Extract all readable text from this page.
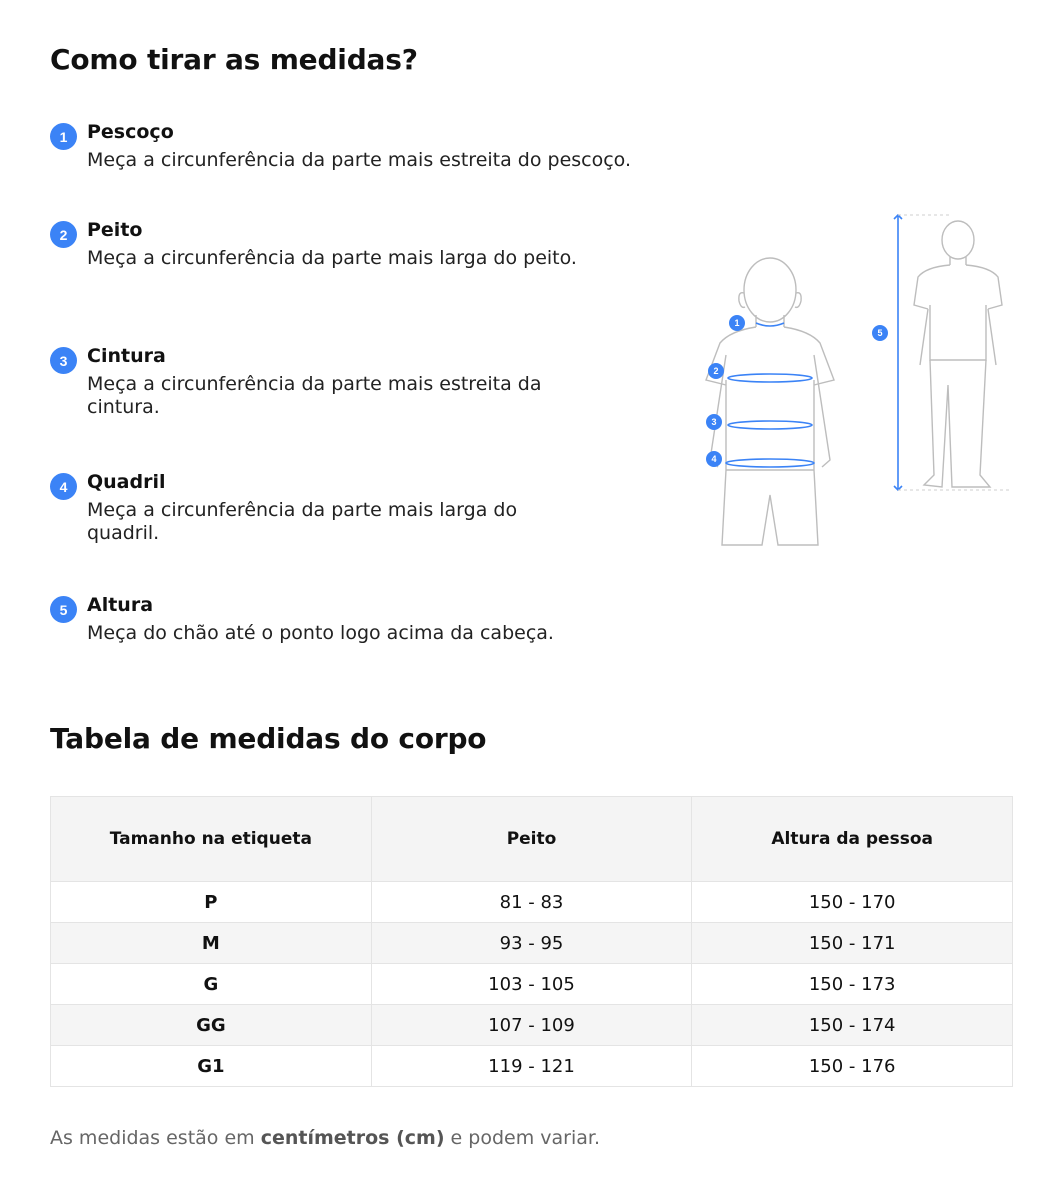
Como tirar as medidas?
1	Pescoço
Meça a circunferência da parte mais estreita do pescoço.
2	Peito
Meça a circunferência da parte mais larga do peito.
3	Cintura
Meça a circunferência da parte mais estreita da cintura.
4	Quadril
Meça a circunferência da parte mais larga do quadril.
5	Altura
Meça do chão até o ponto logo acima da cabeça.
1
2
3
4
5
Tabela de medidas do corpo
Tamanho na etiqueta	Peito	Altura da pessoa
P	81 - 83	150 - 170
M	93 - 95	150 - 171
G	103 - 105	150 - 173
GG	107 - 109	150 - 174
G1	119 - 121	150 - 176

As medidas estão em centímetros (cm) e podem variar.
